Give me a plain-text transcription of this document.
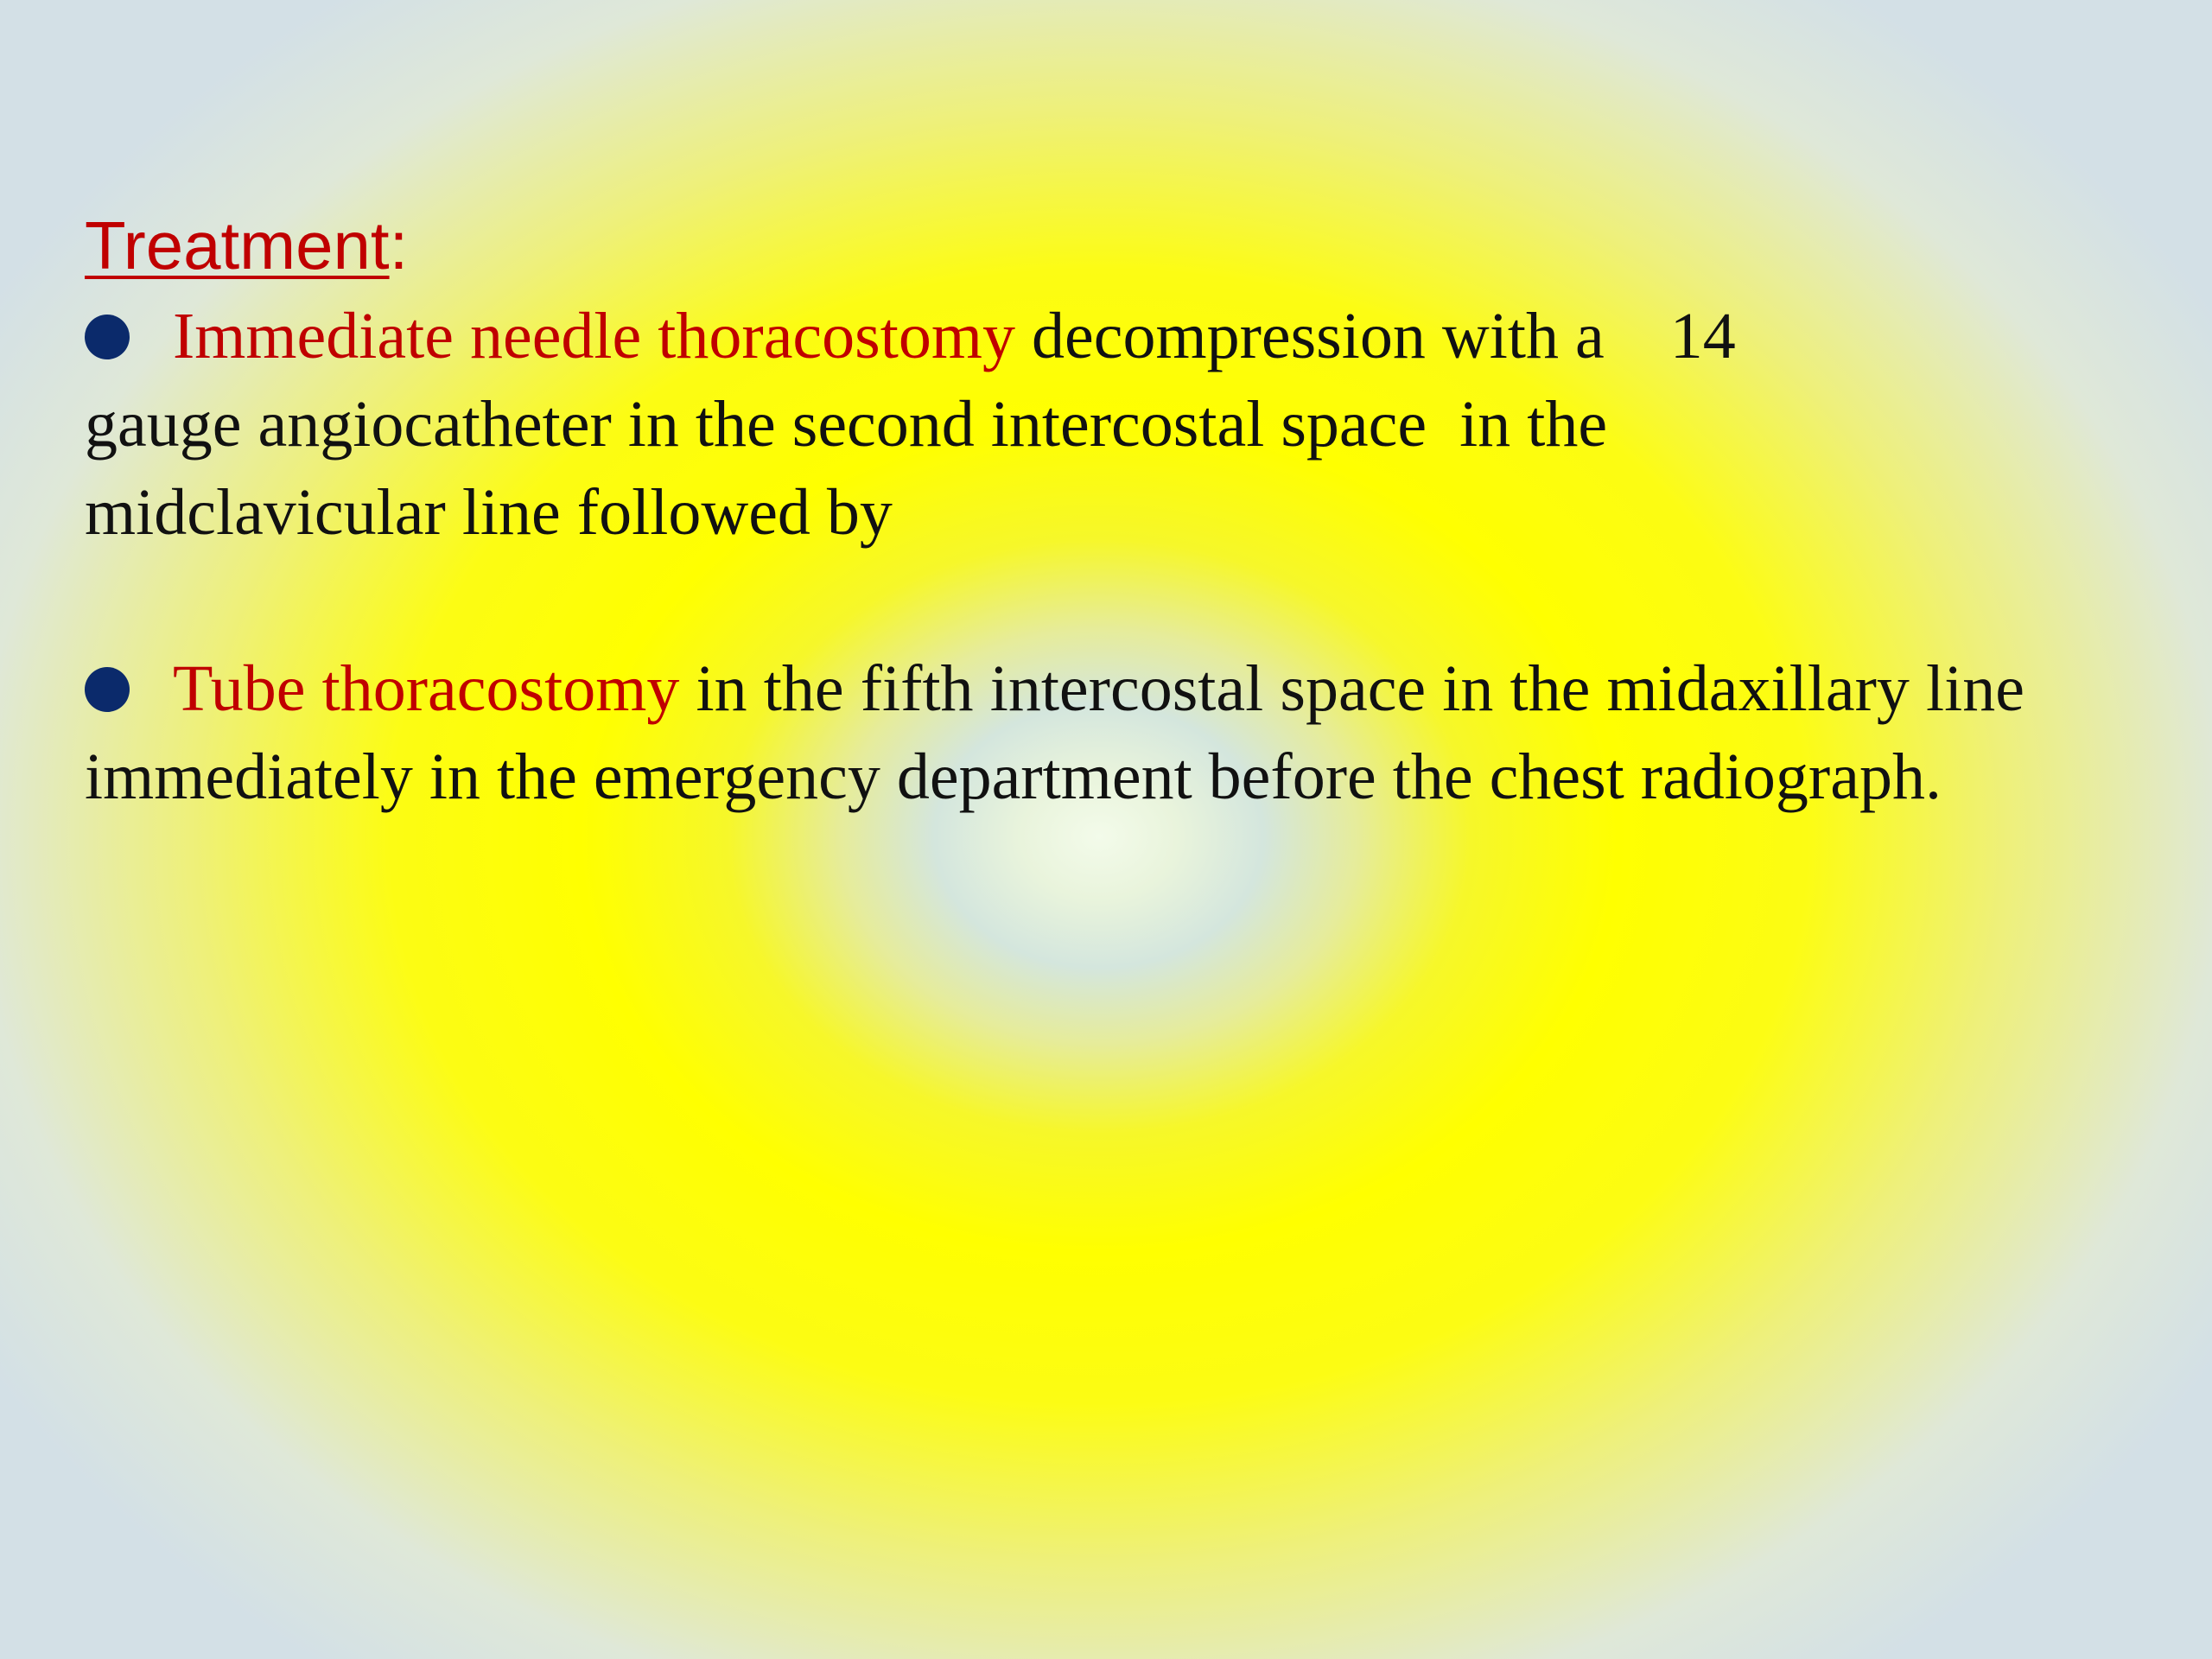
Treatment:

Immediate needle thoracostomy decompression with a    14
gauge angiocatheter in the second intercostal space  in the
midclavicular line followed by

Tube thoracostomy in the fifth intercostal space in the midaxillary line immediately in the emergency department before the chest radiograph.
